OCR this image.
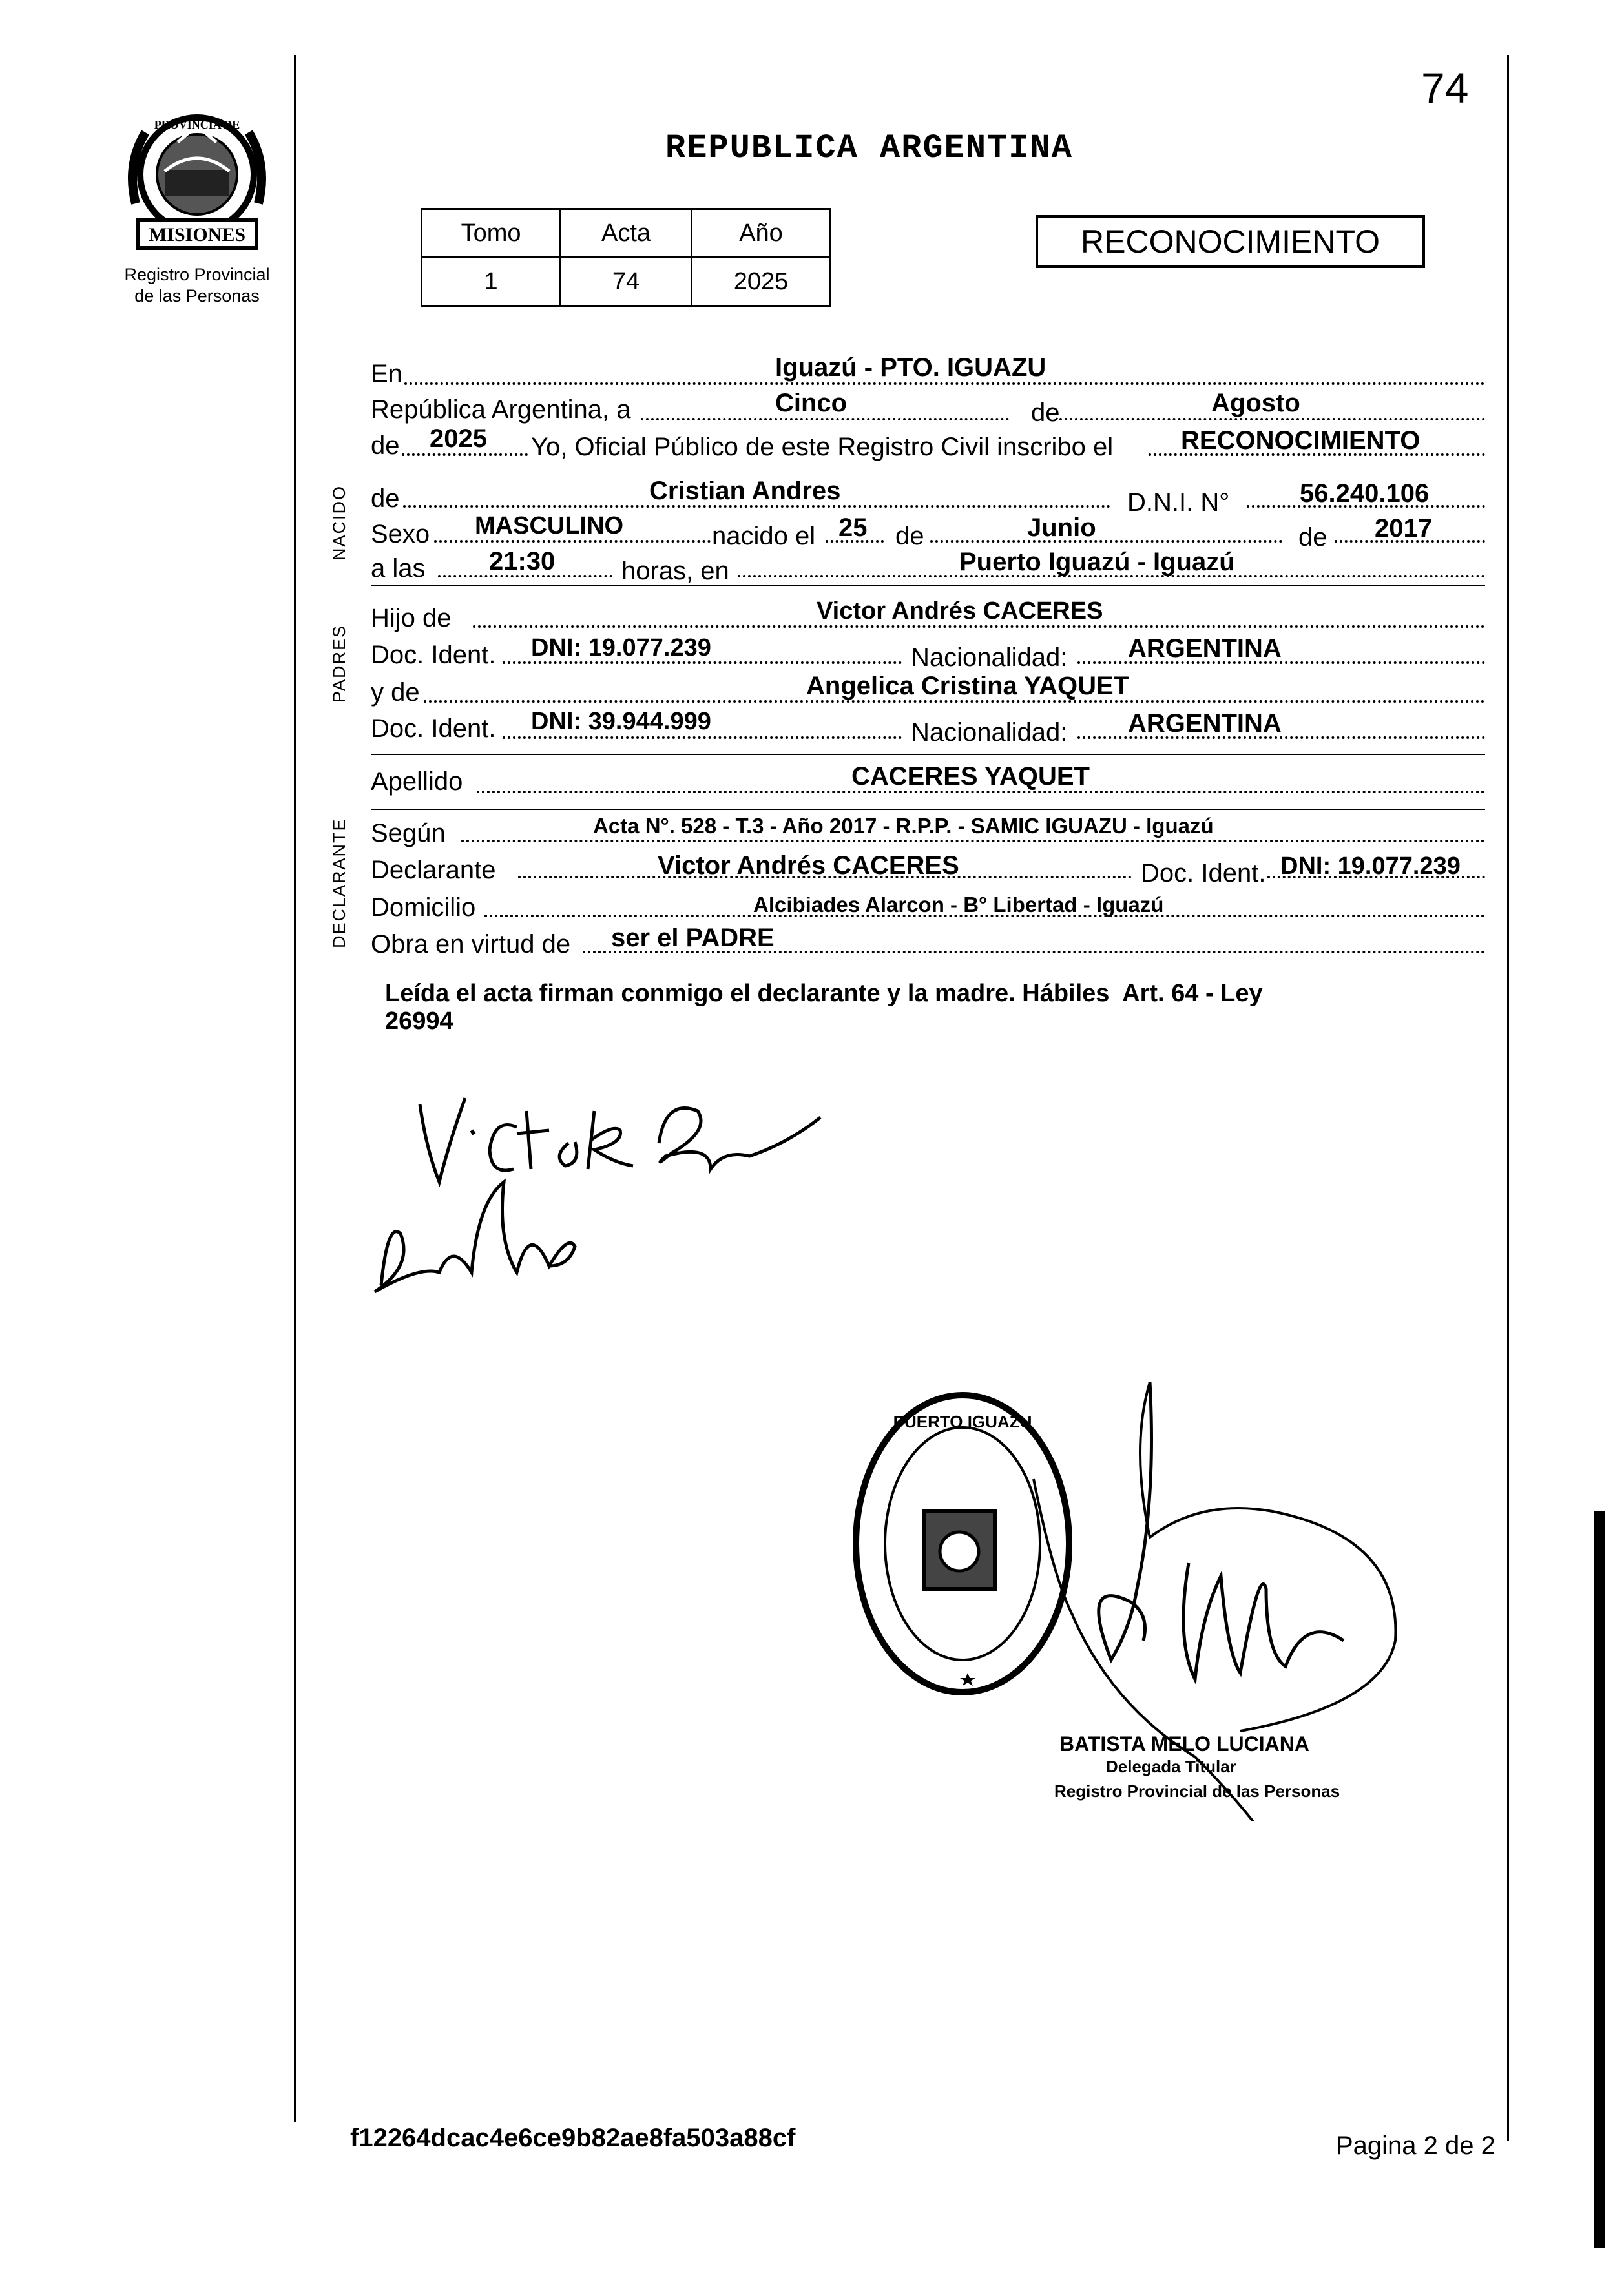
MISIONES
PROVINCIA DE
Registro Provincial
de las Personas
74
REPUBLICA ARGENTINA
Tomo	Acta	Año
1	74	2025
RECONOCIMIENTO
NACIDO
PADRES
DECLARANTE
En	Iguazú - PTO. IGUAZU
República Argentina, a	Cinco	de	Agosto
de 2025 Yo, Oficial Público de este Registro Civil inscribo el	RECONOCIMIENTO
de	Cristian Andres	D.N.I. N°	56.240.106
Sexo MASCULINO	nacido el 25 de	Junio	de 2017
a las 21:30	horas, en	Puerto Iguazú - Iguazú
Hijo de	Victor Andrés CACERES
Doc. Ident. DNI: 19.077.239	Nacionalidad: ARGENTINA
y de	Angelica Cristina YAQUET
Doc. Ident. DNI: 39.944.999	Nacionalidad: ARGENTINA
Apellido	CACERES YAQUET
Según	Acta N°. 528 - T.3 - Año 2017 - R.P.P. - SAMIC IGUAZU - Iguazú
Declarante	Victor Andrés CACERES	Doc. Ident. DNI: 19.077.239
Domicilio	Alcibiades Alarcon - B° Libertad - Iguazú
Obra en virtud de ser el PADRE
Leída el acta firman conmigo el declarante y la madre. Hábiles  Art. 64 - Ley
26994
PUERTO IGUAZU
BATISTA MELO LUCIANA
Delegada Titular
Registro Provincial de las Personas
f12264dcac4e6ce9b82ae8fa503a88cf	Pagina 2 de 2
